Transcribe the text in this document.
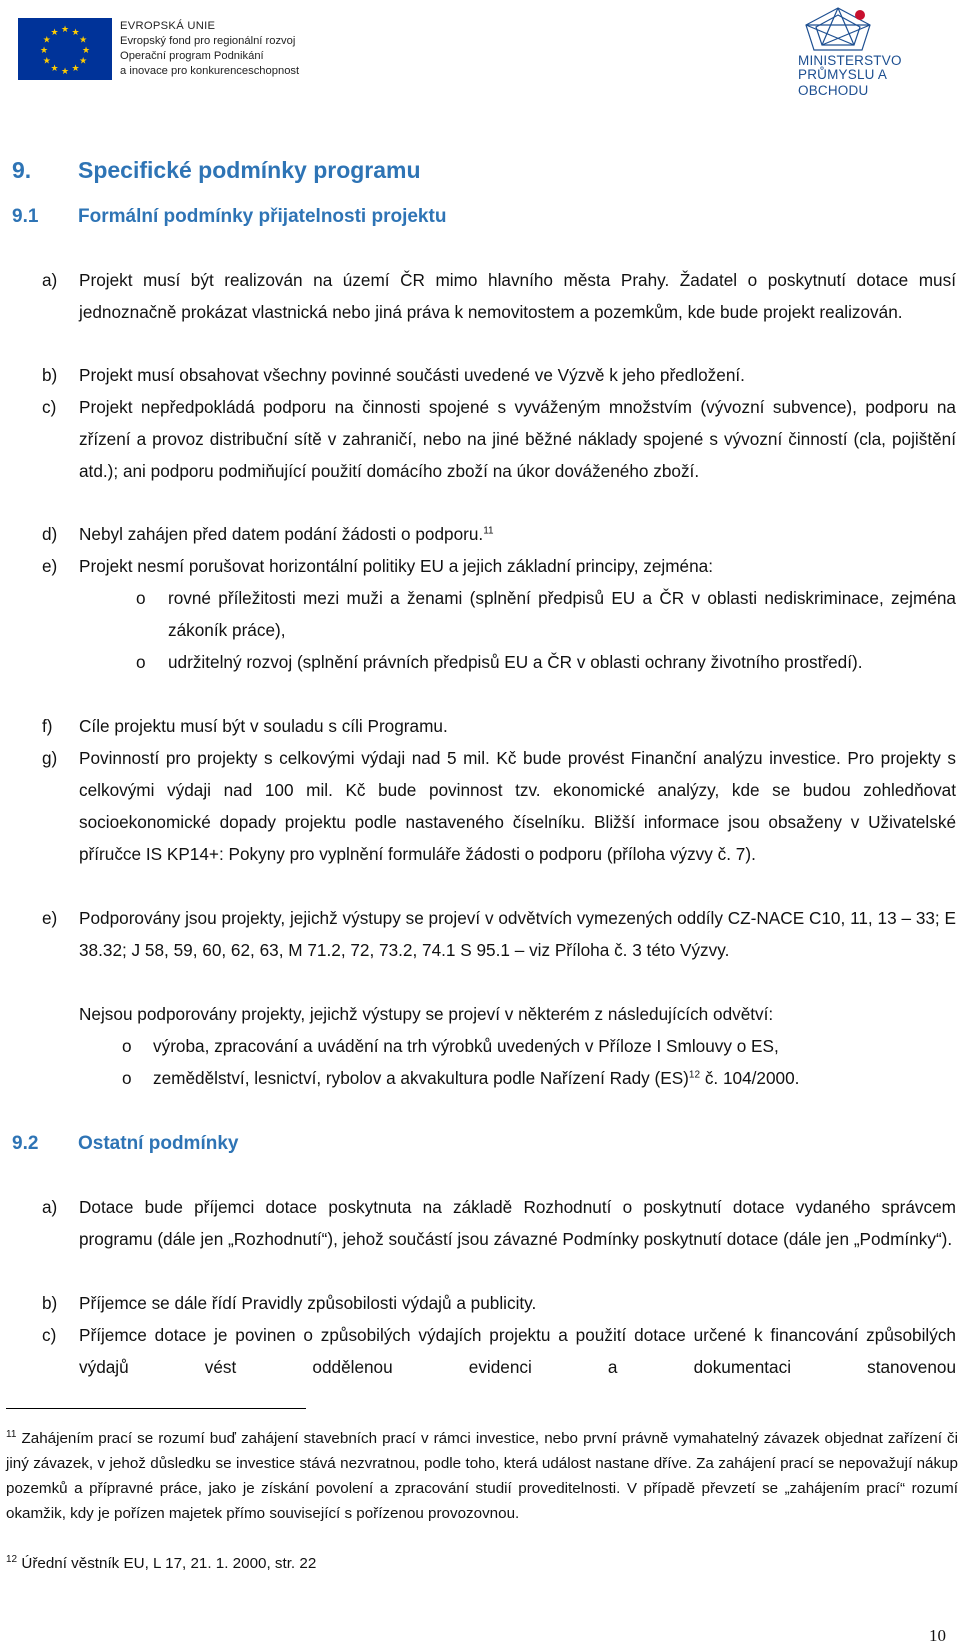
★ ★
★
★
★
★
★
★
★
★
★
★
EVROPSKÁ UNIE
Evropský fond pro regionální rozvoj
Operační program Podnikání
a inovace pro konkurenceschopnost
MINISTERSTVO
PRŮMYSLU A OBCHODU
9. Specifické podmínky programu
9.1 Formální podmínky přijatelnosti projektu
a) Projekt musí být realizován na území ČR mimo hlavního města Prahy. Žadatel o poskytnutí dotace musí jednoznačně prokázat vlastnická nebo jiná práva k nemovitostem a pozemkům, kde bude projekt realizován.
b) Projekt musí obsahovat všechny povinné součásti uvedené ve Výzvě k jeho předložení.
c) Projekt nepředpokládá podporu na činnosti spojené s vyváženým množstvím (vývozní subvence), podporu na zřízení a provoz distribuční sítě v zahraničí, nebo na jiné běžné náklady spojené s vývozní činností (cla, pojištění atd.); ani podporu podmiňující použití domácího zboží na úkor dováženého zboží.
d) Nebyl zahájen před datem podání žádosti o podporu.$^{11}$
e) Projekt nesmí porušovat horizontální politiky EU a jejich základní principy, zejména:
o rovné příležitosti mezi muži a ženami (splnění předpisů EU a ČR v oblasti nediskriminace, zejména zákoník práce),
o udržitelný rozvoj (splnění právních předpisů EU a ČR v oblasti ochrany životního prostředí).
f) Cíle projektu musí být v souladu s cíli Programu.
g) Povinností pro projekty s celkovými výdaji nad 5 mil. Kč bude provést Finanční analýzu investice. Pro projekty s celkovými výdaji nad 100 mil. Kč bude povinnost tzv. ekonomické analýzy, kde se budou zohledňovat socioekonomické dopady projektu podle nastaveného číselníku. Bližší informace jsou obsaženy v Uživatelské příručce IS KP14+: Pokyny pro vyplnění formuláře žádosti o podporu (příloha výzvy č. 7).
e) Podporovány jsou projekty, jejichž výstupy se projeví v odvětvích vymezených oddíly CZ-NACE C10, 11, 13 – 33; E 38.32; J 58, 59, 60, 62, 63, M 71.2, 72, 73.2, 74.1 S 95.1 – viz Příloha č. 3 této Výzvy.
Nejsou podporovány projekty, jejichž výstupy se projeví v některém z následujících odvětví:
o výroba, zpracování a uvádění na trh výrobků uvedených v Příloze I Smlouvy o ES,
o zemědělství, lesnictví, rybolov a akvakultura podle Nařízení Rady (ES)$^{12}$ č. 104/2000.
9.2 Ostatní podmínky
a) Dotace bude příjemci dotace poskytnuta na základě Rozhodnutí o poskytnutí dotace vydaného správcem programu (dále jen „Rozhodnutí“), jehož součástí jsou závazné Podmínky poskytnutí dotace (dále jen „Podmínky“).
b) Příjemce se dále řídí Pravidly způsobilosti výdajů a publicity.
c) Příjemce dotace je povinen o způsobilých výdajích projektu a použití dotace určené k financování způsobilých výdajů vést oddělenou evidenci a dokumentaci stanovenou
$^{11}$ Zahájením prací se rozumí buď zahájení stavebních prací v rámci investice, nebo první právně vymahatelný závazek objednat zařízení či jiný závazek, v jehož důsledku se investice stává nezvratnou, podle toho, která událost nastane dříve. Za zahájení prací se nepovažují nákup pozemků a přípravné práce, jako je získání povolení a zpracování studií proveditelnosti. V případě převzetí se „zahájením prací“ rozumí okamžik, kdy je pořízen majetek přímo související s pořízenou provozovnou.
$^{12}$ Úřední věstník EU, L 17, 21. 1. 2000, str. 22
10
